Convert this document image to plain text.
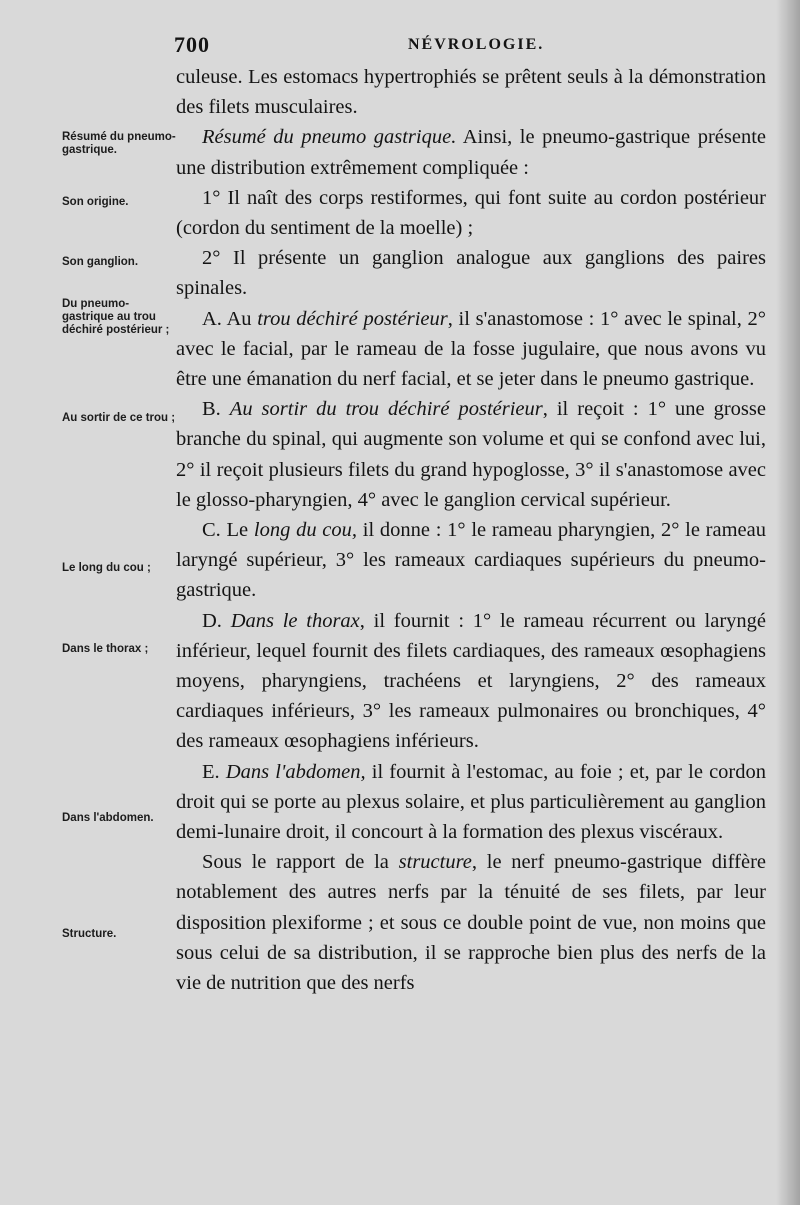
700	NÉVROLOGIE.
Résumé du pneumo-gastrique.
Son origine.
Son ganglion.
Du pneumo-gastrique au trou déchiré postérieur ;
Au sortir de ce trou ;
Le long du cou ;
Dans le thorax ;
Dans l'abdomen.
Structure.

culeuse. Les estomacs hypertrophiés se prêtent seuls à la démonstration des filets musculaires.

Résumé du pneumo gastrique. Ainsi, le pneumo-gastrique présente une distribution extrêmement compliquée :

1° Il naît des corps restiformes, qui font suite au cordon postérieur (cordon du sentiment de la moelle) ;

2° Il présente un ganglion analogue aux ganglions des paires spinales.

A. Au trou déchiré postérieur, il s'anastomose : 1° avec le spinal, 2° avec le facial, par le rameau de la fosse jugulaire, que nous avons vu être une émanation du nerf facial, et se jeter dans le pneumo gastrique.

B. Au sortir du trou déchiré postérieur, il reçoit : 1° une grosse branche du spinal, qui augmente son volume et qui se confond avec lui, 2° il reçoit plusieurs filets du grand hypoglosse, 3° il s'anastomose avec le glosso-pharyngien, 4° avec le ganglion cervical supérieur.

C. Le long du cou, il donne : 1° le rameau pharyngien, 2° le rameau laryngé supérieur, 3° les rameaux cardiaques supérieurs du pneumo-gastrique.

D. Dans le thorax, il fournit : 1° le rameau récurrent ou laryngé inférieur, lequel fournit des filets cardiaques, des rameaux œsophagiens moyens, pharyngiens, trachéens et laryngiens, 2° des rameaux cardiaques inférieurs, 3° les rameaux pulmonaires ou bronchiques, 4° des rameaux œsophagiens inférieurs.

E. Dans l'abdomen, il fournit à l'estomac, au foie ; et, par le cordon droit qui se porte au plexus solaire, et plus particulièrement au ganglion demi-lunaire droit, il concourt à la formation des plexus viscéraux.

Sous le rapport de la structure, le nerf pneumo-gastrique diffère notablement des autres nerfs par la ténuité de ses filets, par leur disposition plexiforme ; et sous ce double point de vue, non moins que sous celui de sa distribution, il se rapproche bien plus des nerfs de la vie de nutrition que des nerfs
